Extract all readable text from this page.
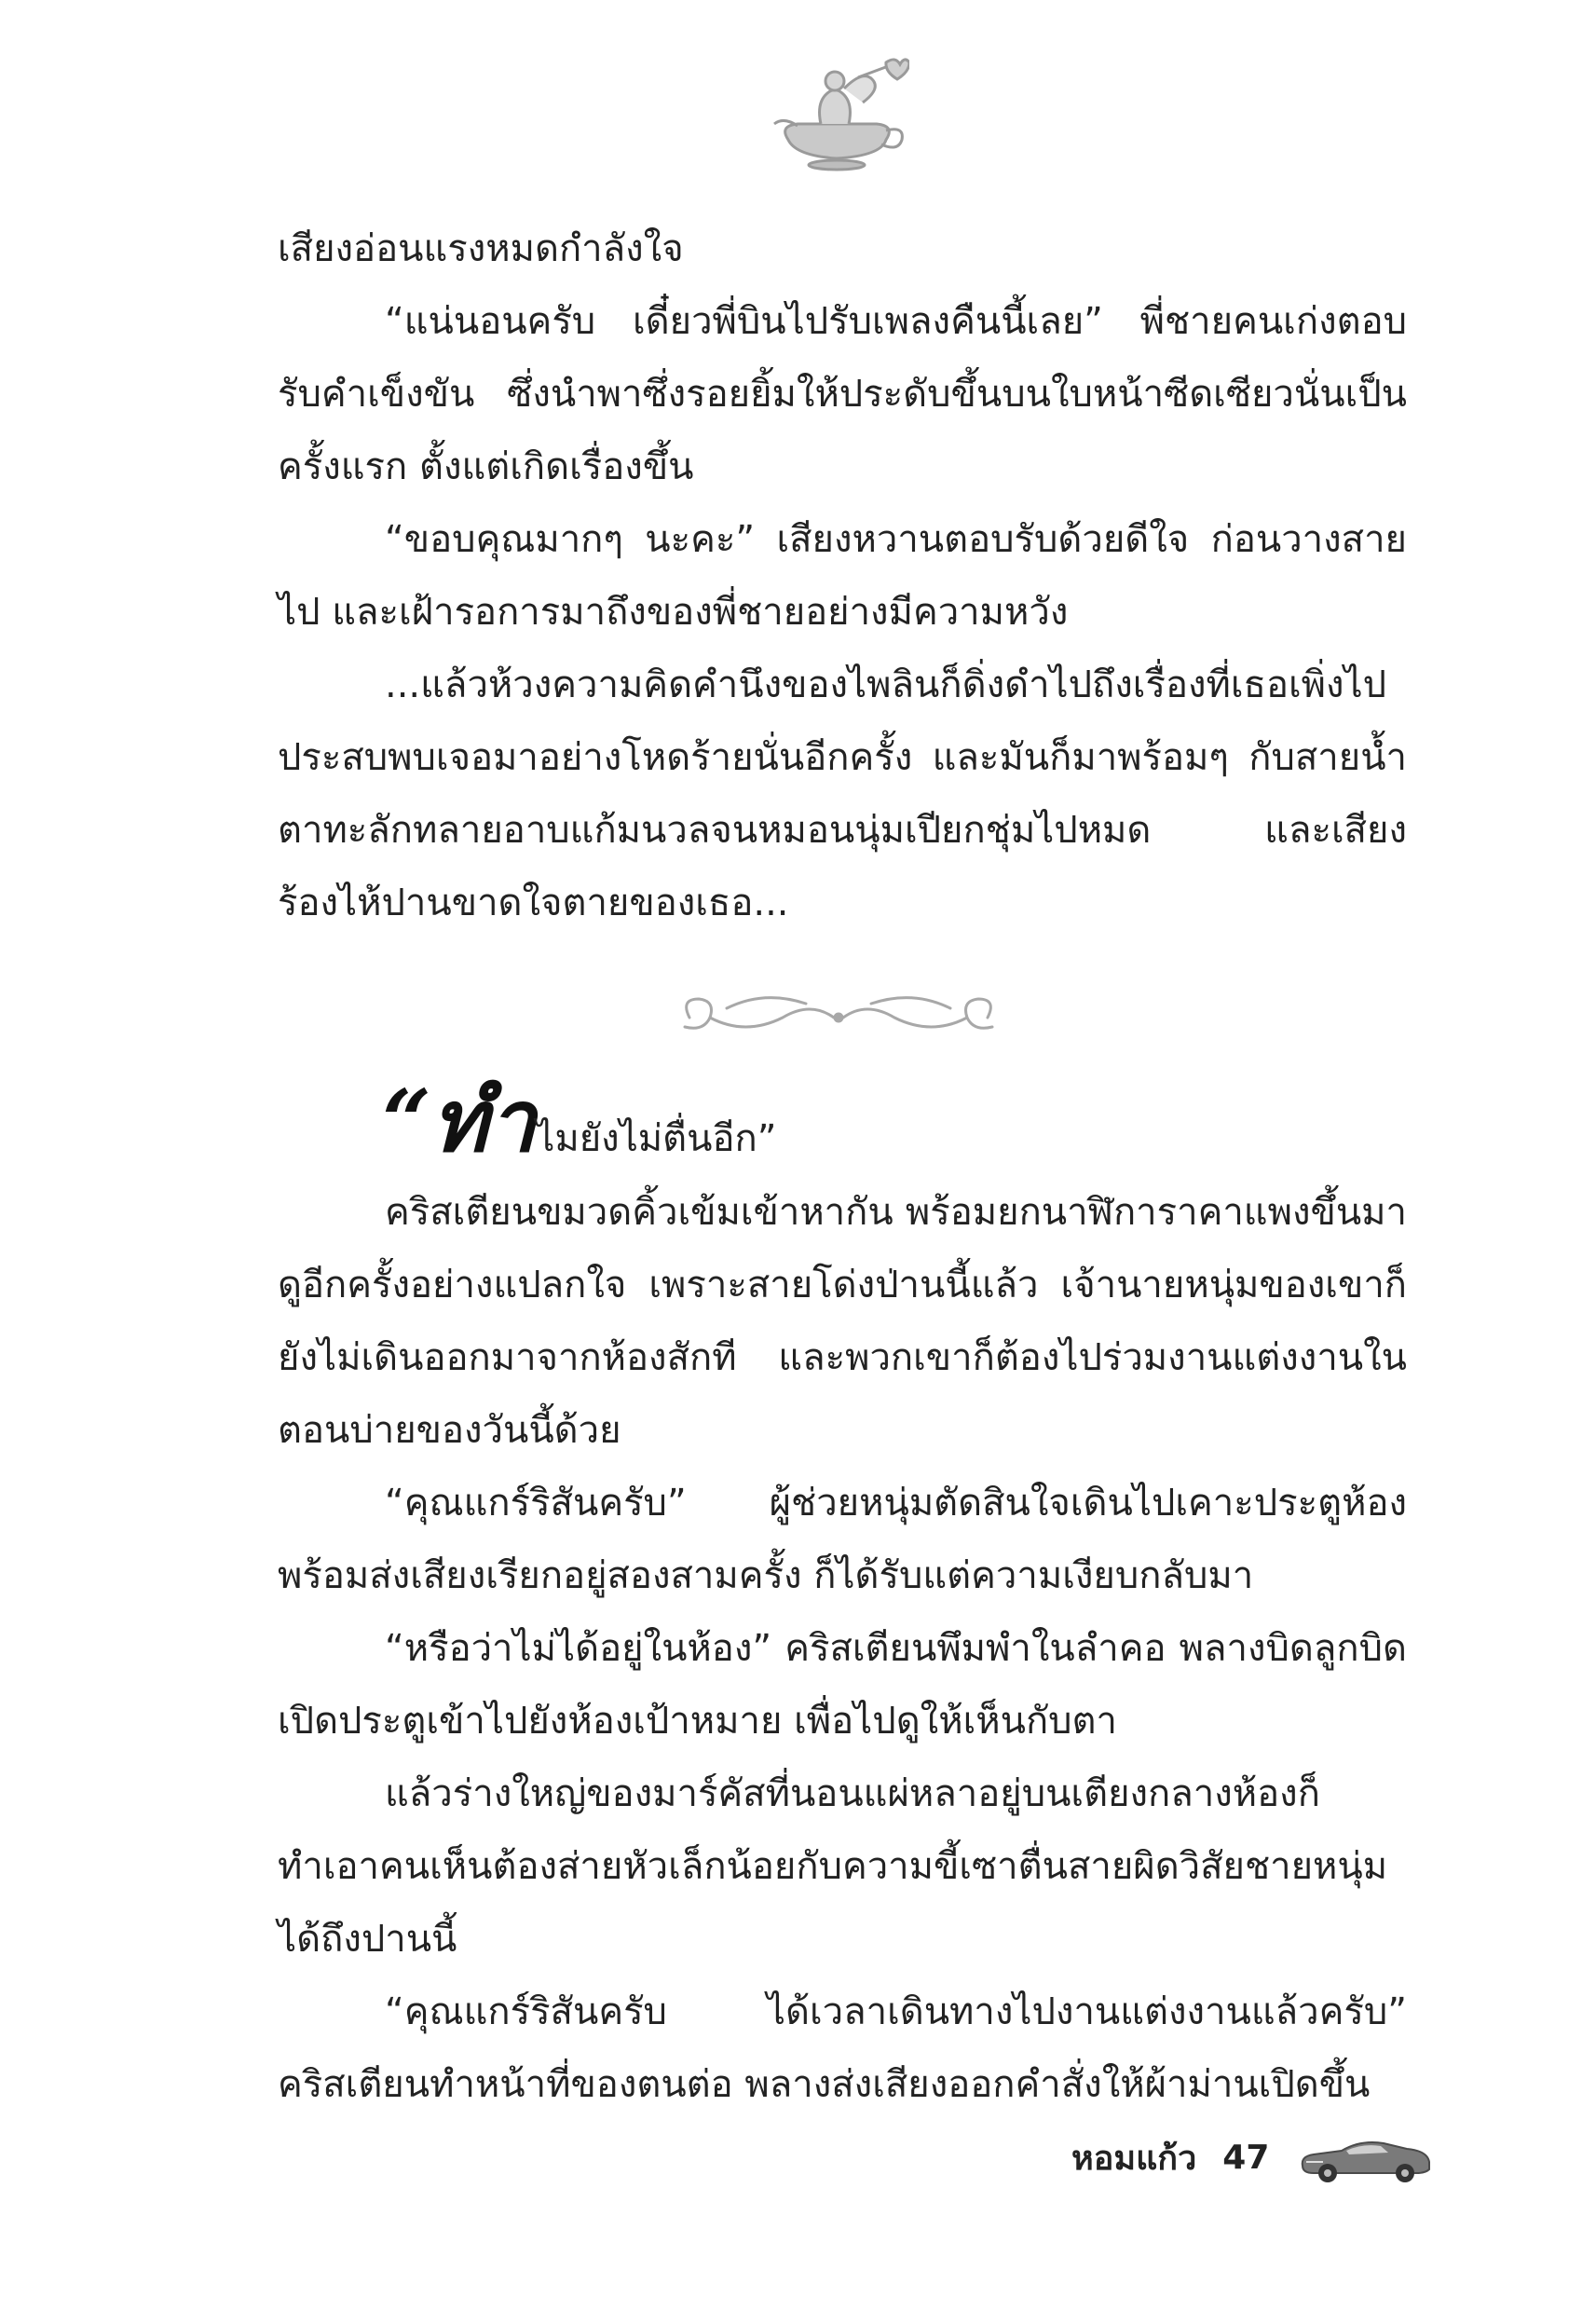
เสียงอ่อนแรงหมดกำลังใจ

“แน่นอนครับ เดี๋ยวพี่บินไปรับเพลงคืนนี้เลย” พี่ชายคนเก่งตอบรับคำเข็งขัน ซึ่งนำพาซึ่งรอยยิ้มให้ประดับขึ้นบนใบหน้าซีดเซียวนั่นเป็นครั้งแรก ตั้งแต่เกิดเรื่องขึ้น

“ขอบคุณมากๆ นะคะ” เสียงหวานตอบรับด้วยดีใจ ก่อนวางสายไป และเฝ้ารอการมาถึงของพี่ชายอย่างมีความหวัง

...แล้วห้วงความคิดคำนึงของไพลินก็ดิ่งดำไปถึงเรื่องที่เธอเพิ่งไปประสบพบเจอมาอย่างโหดร้ายนั่นอีกครั้ง และมันก็มาพร้อมๆ กับสายน้ำตาทะลักทลายอาบแก้มนวลจนหมอนนุ่มเปียกชุ่มไปหมด และเสียงร้องไห้ปานขาดใจตายของเธอ...

“ทำไมยังไม่ตื่นอีก”

คริสเตียนขมวดคิ้วเข้มเข้าหากัน พร้อมยกนาฬิการาคาแพงขึ้นมาดูอีกครั้งอย่างแปลกใจ เพราะสายโด่งป่านนี้แล้ว เจ้านายหนุ่มของเขาก็ยังไม่เดินออกมาจากห้องสักที และพวกเขาก็ต้องไปร่วมงานแต่งงานในตอนบ่ายของวันนี้ด้วย

“คุณแกร์ริสันครับ” ผู้ช่วยหนุ่มตัดสินใจเดินไปเคาะประตูห้องพร้อมส่งเสียงเรียกอยู่สองสามครั้ง ก็ได้รับแต่ความเงียบกลับมา

“หรือว่าไม่ได้อยู่ในห้อง” คริสเตียนพึมพำในลำคอ พลางบิดลูกบิดเปิดประตูเข้าไปยังห้องเป้าหมาย เพื่อไปดูให้เห็นกับตา

แล้วร่างใหญ่ของมาร์คัสที่นอนแผ่หลาอยู่บนเตียงกลางห้องก็ทำเอาคนเห็นต้องส่ายหัวเล็กน้อยกับความขี้เซาตื่นสายผิดวิสัยชายหนุ่มได้ถึงปานนี้

“คุณแกร์ริสันครับ ได้เวลาเดินทางไปงานแต่งงานแล้วครับ” คริสเตียนทำหน้าที่ของตนต่อ พลางส่งเสียงออกคำสั่งให้ผ้าม่านเปิดขึ้น

หอมแก้ว 47
